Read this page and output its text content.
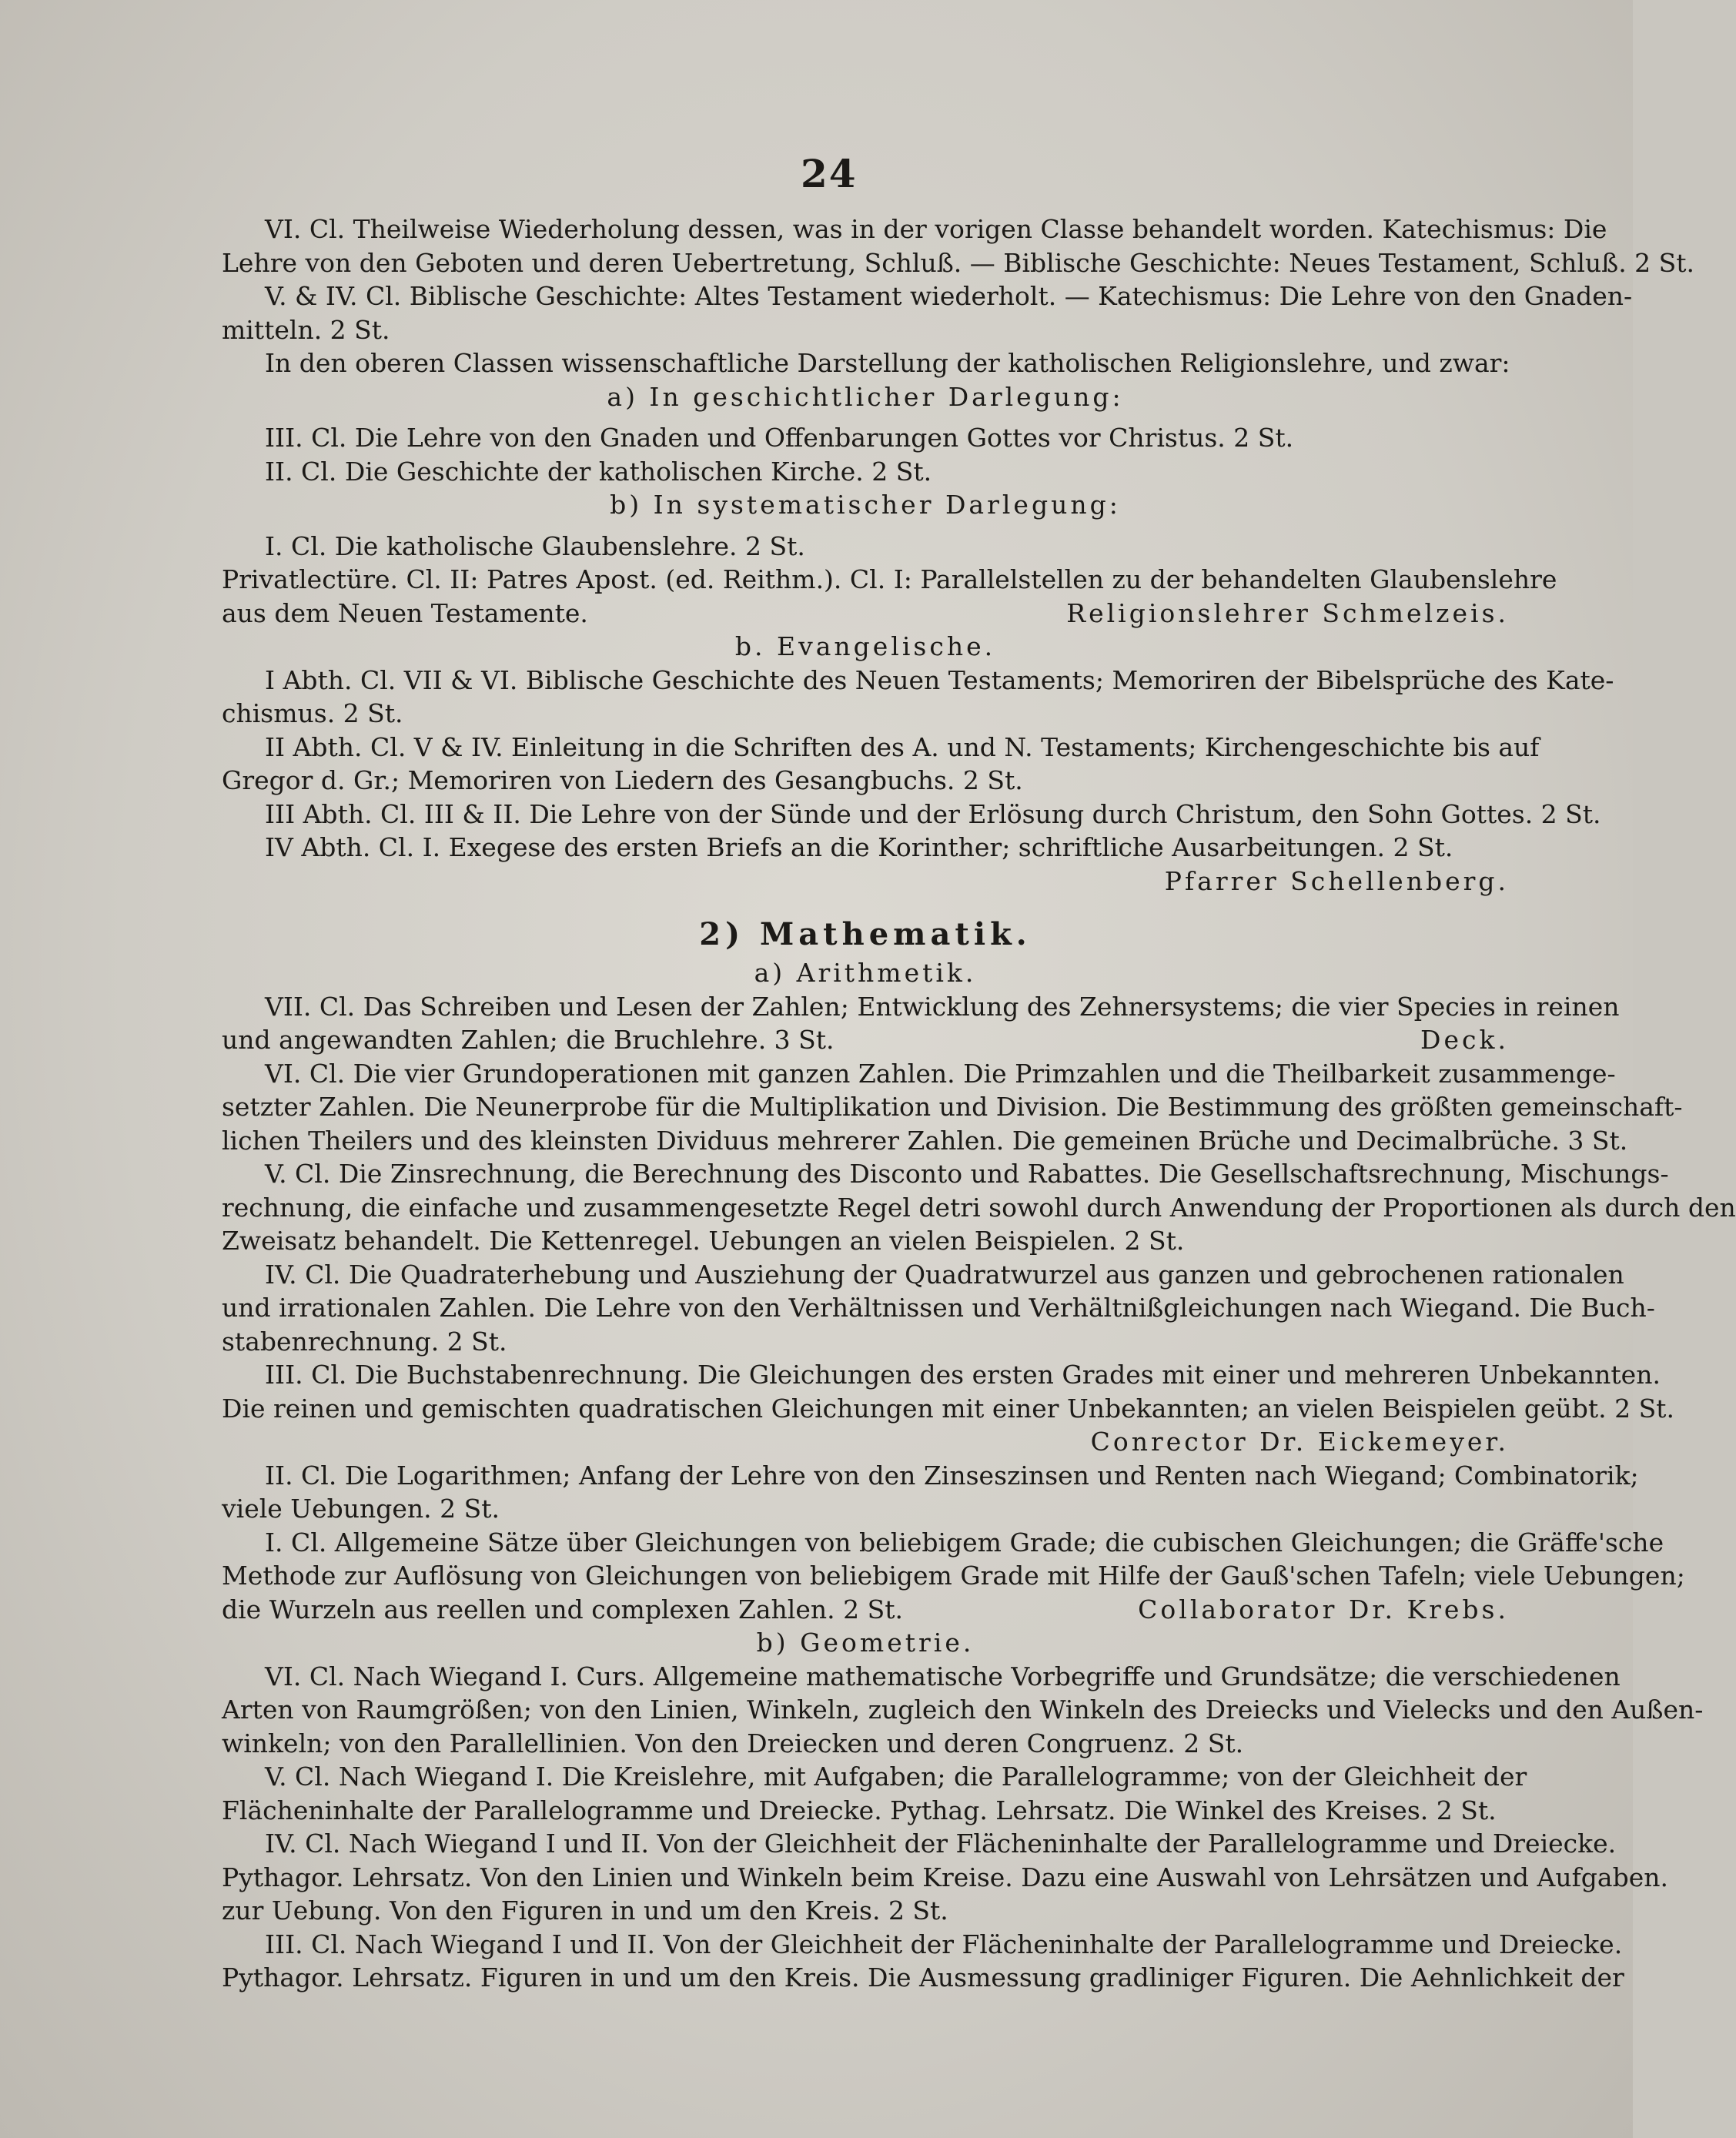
24
VI. Cl. Theilweise Wiederholung dessen, was in der vorigen Classe behandelt worden. Katechismus: Die
Lehre von den Geboten und deren Uebertretung, Schluß. — Biblische Geschichte: Neues Testament, Schluß. 2 St.
V. & IV. Cl. Biblische Geschichte: Altes Testament wiederholt. — Katechismus: Die Lehre von den Gnaden-
mitteln. 2 St.
In den oberen Classen wissenschaftliche Darstellung der katholischen Religionslehre, und zwar:
a) In geschichtlicher Darlegung:
III. Cl. Die Lehre von den Gnaden und Offenbarungen Gottes vor Christus. 2 St.
II. Cl. Die Geschichte der katholischen Kirche. 2 St.
b) In systematischer Darlegung:
I. Cl. Die katholische Glaubenslehre. 2 St.
Privatlectüre. Cl. II: Patres Apost. (ed. Reithm.). Cl. I: Parallelstellen zu der behandelten Glaubenslehre
aus dem Neuen Testamente.	Religionslehrer Schmelzeis.
b. Evangelische.
I Abth. Cl. VII & VI. Biblische Geschichte des Neuen Testaments; Memoriren der Bibelsprüche des Kate-
chismus. 2 St.
II Abth. Cl. V & IV. Einleitung in die Schriften des A. und N. Testaments; Kirchengeschichte bis auf
Gregor d. Gr.; Memoriren von Liedern des Gesangbuchs. 2 St.
III Abth. Cl. III & II. Die Lehre von der Sünde und der Erlösung durch Christum, den Sohn Gottes. 2 St.
IV Abth. Cl. I. Exegese des ersten Briefs an die Korinther; schriftliche Ausarbeitungen. 2 St.
Pfarrer Schellenberg.
2) Mathematik.
a) Arithmetik.
VII. Cl. Das Schreiben und Lesen der Zahlen; Entwicklung des Zehnersystems; die vier Species in reinen
und angewandten Zahlen; die Bruchlehre. 3 St.	Deck.
VI. Cl. Die vier Grundoperationen mit ganzen Zahlen. Die Primzahlen und die Theilbarkeit zusammenge-
setzter Zahlen. Die Neunerprobe für die Multiplikation und Division. Die Bestimmung des größten gemeinschaft-
lichen Theilers und des kleinsten Dividuus mehrerer Zahlen. Die gemeinen Brüche und Decimalbrüche. 3 St.
V. Cl. Die Zinsrechnung, die Berechnung des Disconto und Rabattes. Die Gesellschaftsrechnung, Mischungs-
rechnung, die einfache und zusammengesetzte Regel detri sowohl durch Anwendung der Proportionen als durch den
Zweisatz behandelt. Die Kettenregel. Uebungen an vielen Beispielen. 2 St.
IV. Cl. Die Quadraterhebung und Ausziehung der Quadratwurzel aus ganzen und gebrochenen rationalen
und irrationalen Zahlen. Die Lehre von den Verhältnissen und Verhältnißgleichungen nach Wiegand. Die Buch-
stabenrechnung. 2 St.
III. Cl. Die Buchstabenrechnung. Die Gleichungen des ersten Grades mit einer und mehreren Unbekannten.
Die reinen und gemischten quadratischen Gleichungen mit einer Unbekannten; an vielen Beispielen geübt. 2 St.
Conrector Dr. Eickemeyer.
II. Cl. Die Logarithmen; Anfang der Lehre von den Zinseszinsen und Renten nach Wiegand; Combinatorik;
viele Uebungen. 2 St.
I. Cl. Allgemeine Sätze über Gleichungen von beliebigem Grade; die cubischen Gleichungen; die Gräffe'sche
Methode zur Auflösung von Gleichungen von beliebigem Grade mit Hilfe der Gauß'schen Tafeln; viele Uebungen;
die Wurzeln aus reellen und complexen Zahlen. 2 St.	Collaborator Dr. Krebs.
b) Geometrie.
VI. Cl. Nach Wiegand I. Curs. Allgemeine mathematische Vorbegriffe und Grundsätze; die verschiedenen
Arten von Raumgrößen; von den Linien, Winkeln, zugleich den Winkeln des Dreiecks und Vielecks und den Außen-
winkeln; von den Parallellinien. Von den Dreiecken und deren Congruenz. 2 St.
V. Cl. Nach Wiegand I. Die Kreislehre, mit Aufgaben; die Parallelogramme; von der Gleichheit der
Flächeninhalte der Parallelogramme und Dreiecke. Pythag. Lehrsatz. Die Winkel des Kreises. 2 St.
IV. Cl. Nach Wiegand I und II. Von der Gleichheit der Flächeninhalte der Parallelogramme und Dreiecke.
Pythagor. Lehrsatz. Von den Linien und Winkeln beim Kreise. Dazu eine Auswahl von Lehrsätzen und Aufgaben.
zur Uebung. Von den Figuren in und um den Kreis. 2 St.
III. Cl. Nach Wiegand I und II. Von der Gleichheit der Flächeninhalte der Parallelogramme und Dreiecke.
Pythagor. Lehrsatz. Figuren in und um den Kreis. Die Ausmessung gradliniger Figuren. Die Aehnlichkeit der
